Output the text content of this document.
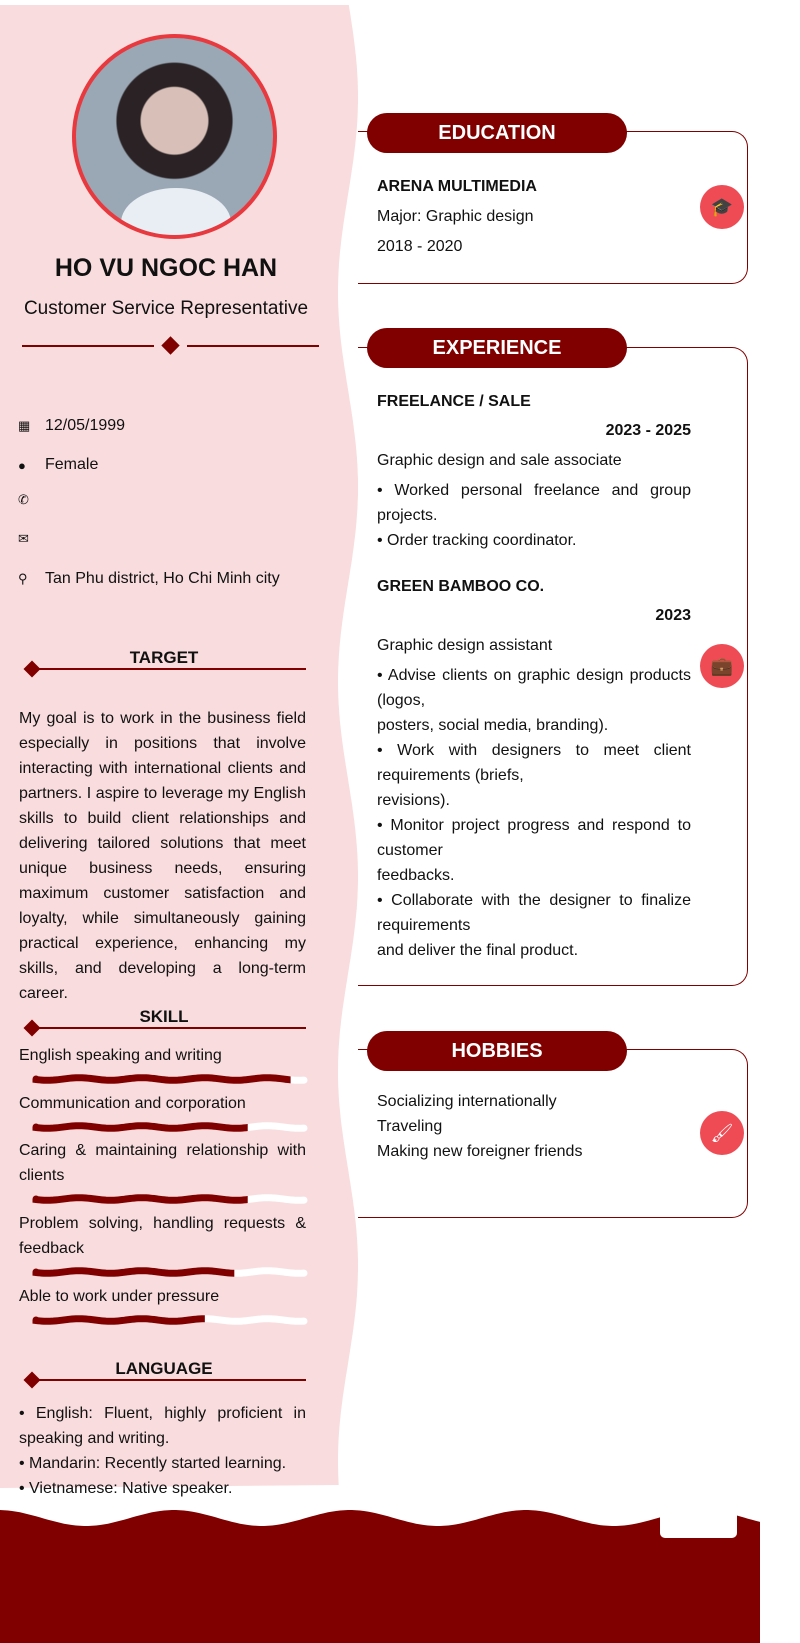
HO VU NGOC HAN
Customer Service Representative
▦ 12/05/1999
●	Female
✆
✉
⚲	Tan Phu district, Ho Chi Minh city
TARGET
My goal is to work in the business field especially in positions that involve interacting with international clients and partners. I aspire to leverage my English skills to build client relationships and delivering tailored solutions that meet unique business needs, ensuring maximum customer satisfaction and loyalty, while simultaneously gaining practical experience, enhancing my skills, and developing a long-term career.
SKILL
English speaking and writing
Communication and corporation
Caring & maintaining relationship with clients
Problem solving, handling requests & feedback
Able to work under pressure
LANGUAGE
• English: Fluent, highly proficient in speaking and writing.
• Mandarin: Recently started learning.
• Vietnamese: Native speaker.
EDUCATION
🎓
ARENA MULTIMEDIA
Major: Graphic design
2018 - 2020
EXPERIENCE
💼
FREELANCE / SALE
2023 - 2025
Graphic design and sale associate
• Worked personal freelance and group projects.
• Order tracking coordinator.
GREEN BAMBOO CO.
2023
Graphic design assistant
• Advise clients on graphic design products (logos,
posters, social media, branding).
• Work with designers to meet client requirements (briefs,
revisions).
• Monitor project progress and respond to customer
feedbacks.
• Collaborate with the designer to finalize requirements
and deliver the final product.
HOBBIES
🖌
Socializing internationally
Traveling
Making new foreigner friends
